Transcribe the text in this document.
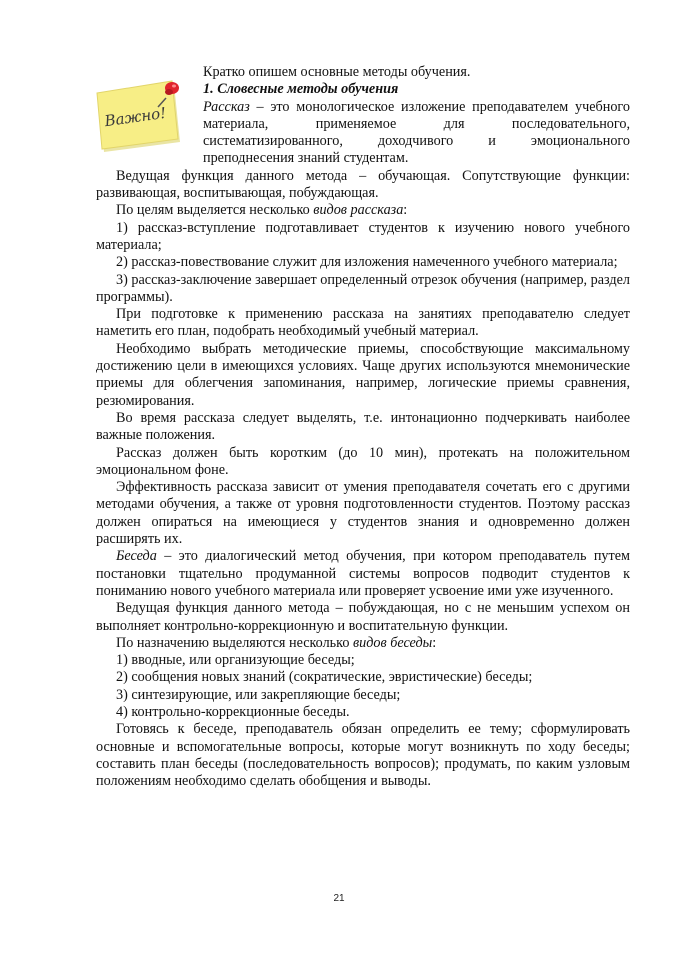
Важно!

Кратко опишем основные методы обучения.

1. Словесные методы обучения

Рассказ – это монологическое изложение преподавателем учебного материала, применяемое для последовательного, систематизированного, доходчивого и эмоционального преподнесения знаний студентам.

Ведущая функция данного метода – обучающая. Сопутствующие функции: развивающая, воспитывающая, побуждающая.

По целям выделяется несколько видов рассказа:

1) рассказ-вступление подготавливает студентов к изучению нового учебного материала;

2) рассказ-повествование служит для изложения намеченного учебного материала;

3) рассказ-заключение завершает определенный отрезок обучения (например, раздел программы).

При подготовке к применению рассказа на занятиях преподавателю следует наметить его план, подобрать необходимый учебный материал.

Необходимо выбрать методические приемы, способствующие максимальному достижению цели в имеющихся условиях. Чаще других используются мнемонические приемы для облегчения запоминания, например, логические приемы сравнения, резюмирования.

Во время рассказа следует выделять, т.е. интонационно подчеркивать наиболее важные положения.

Рассказ должен быть коротким (до 10 мин), протекать на положительном эмоциональном фоне.

Эффективность рассказа зависит от умения преподавателя сочетать его с другими методами обучения, а также от уровня подготовленности студентов. Поэтому рассказ должен опираться на имеющиеся у студентов знания и одновременно должен расширять их.

Беседа – это диалогический метод обучения, при котором преподаватель путем постановки тщательно продуманной системы вопросов подводит студентов к пониманию нового учебного материала или проверяет усвоение ими уже изученного.

Ведущая функция данного метода – побуждающая, но с не меньшим успехом он выполняет контрольно-коррекционную и воспитательную функции.

По назначению выделяются несколько видов беседы:

1) вводные, или организующие беседы;

2) сообщения новых знаний (сократические, эвристические) беседы;

3) синтезирующие, или закрепляющие беседы;

4) контрольно-коррекционные беседы.

Готовясь к беседе, преподаватель обязан определить ее тему; сформулировать основные и вспомогательные вопросы, которые могут возникнуть по ходу беседы; составить план беседы (последовательность вопросов); продумать, по каким узловым положениям необходимо сделать обобщения и выводы.

21
